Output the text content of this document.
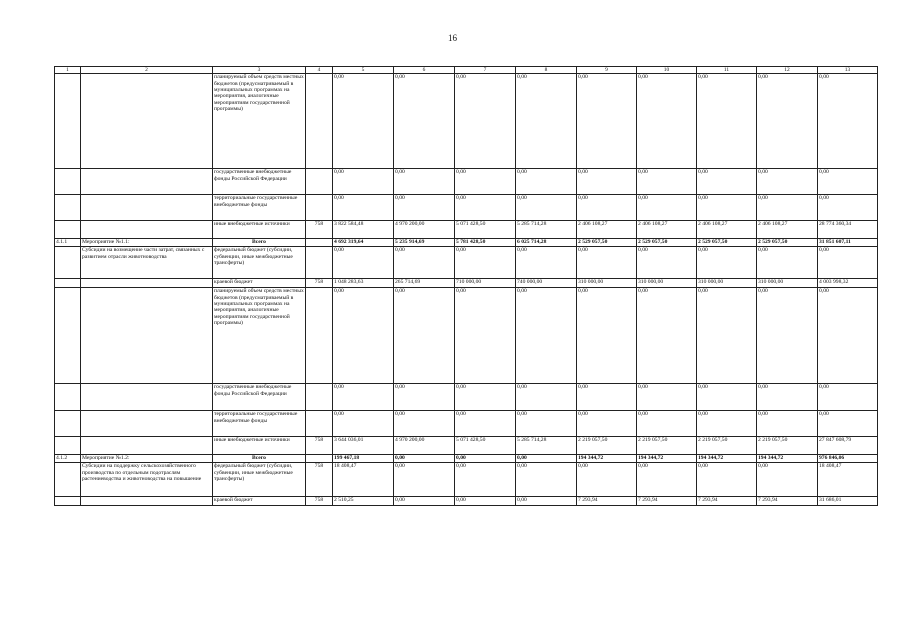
16
1	2	3	4	5	6	7	8	9	10	11	12	13
		планируемый объем средств местных бюджетов (предусматриваемый в муниципальных программах на мероприятия, аналогичные мероприятиям государственной программы)		0,00	0,00	0,00	0,00	0,00	0,00	0,00	0,00	0,00
		государственные внебюджетные фонды Российской Федерации		0,00	0,00	0,00	0,00	0,00	0,00	0,00	0,00	0,00
		территориальные государственные внебюджетные фонды		0,00	0,00	0,00	0,00	0,00	0,00	0,00	0,00	0,00
		иные внебюджетные источники	758	3 822 584,48	4 970 200,00	5 071 428,50	5 285 714,28	2 406 108,27	2 406 108,27	2 406 108,27	2 406 108,27	28 774 360,34
4.1.1	Мероприятие №1.1:	Всего		4 692 319,64	5 235 914,69	5 781 428,50	6 025 714,28	2 529 057,50	2 529 057,50	2 529 057,50	2 529 057,50	31 851 607,11
	Субсидии на возмещение части затрат, связанных с развитием отрасли животноводства	федеральный бюджет (субсидии, субвенции, иные межбюджетные трансферты)		0,00	0,00	0,00	0,00	0,00	0,00	0,00	0,00	0,00
		краевой бюджет	758	1 048 283,63	265 714,69	710 000,00	740 000,00	310 000,00	310 000,00	310 000,00	310 000,00	4 003 998,32
		планируемый объем средств местных бюджетов (предусматриваемый в муниципальных программах на мероприятия, аналогичные мероприятиям государственной программы)		0,00	0,00	0,00	0,00	0,00	0,00	0,00	0,00	0,00
		государственные внебюджетные фонды Российской Федерации		0,00	0,00	0,00	0,00	0,00	0,00	0,00	0,00	0,00
		территориальные государственные внебюджетные фонды		0,00	0,00	0,00	0,00	0,00	0,00	0,00	0,00	0,00
		иные внебюджетные источники	758	3 644 036,01	4 970 200,00	5 071 428,50	5 285 714,28	2 219 057,50	2 219 057,50	2 219 057,50	2 219 057,50	27 847 608,79
4.1.2	Мероприятие №1.2:	Всего		199 467,18	0,00	0,00	0,00	194 344,72	194 344,72	194 344,72	194 344,72	976 846,06
	Субсидии на поддержку сельскохозяйственного производства по отдельным подотраслям растениеводства и животноводства на повышение	федеральный бюджет (субсидии, субвенции, иные межбюджетные трансферты)	758	18 408,47	0,00	0,00	0,00	0,00	0,00	0,00	0,00	18 408,47
		краевой бюджет	758	2 510,25	0,00	0,00	0,00	7 293,94	7 293,94	7 293,94	7 293,94	31 686,01
